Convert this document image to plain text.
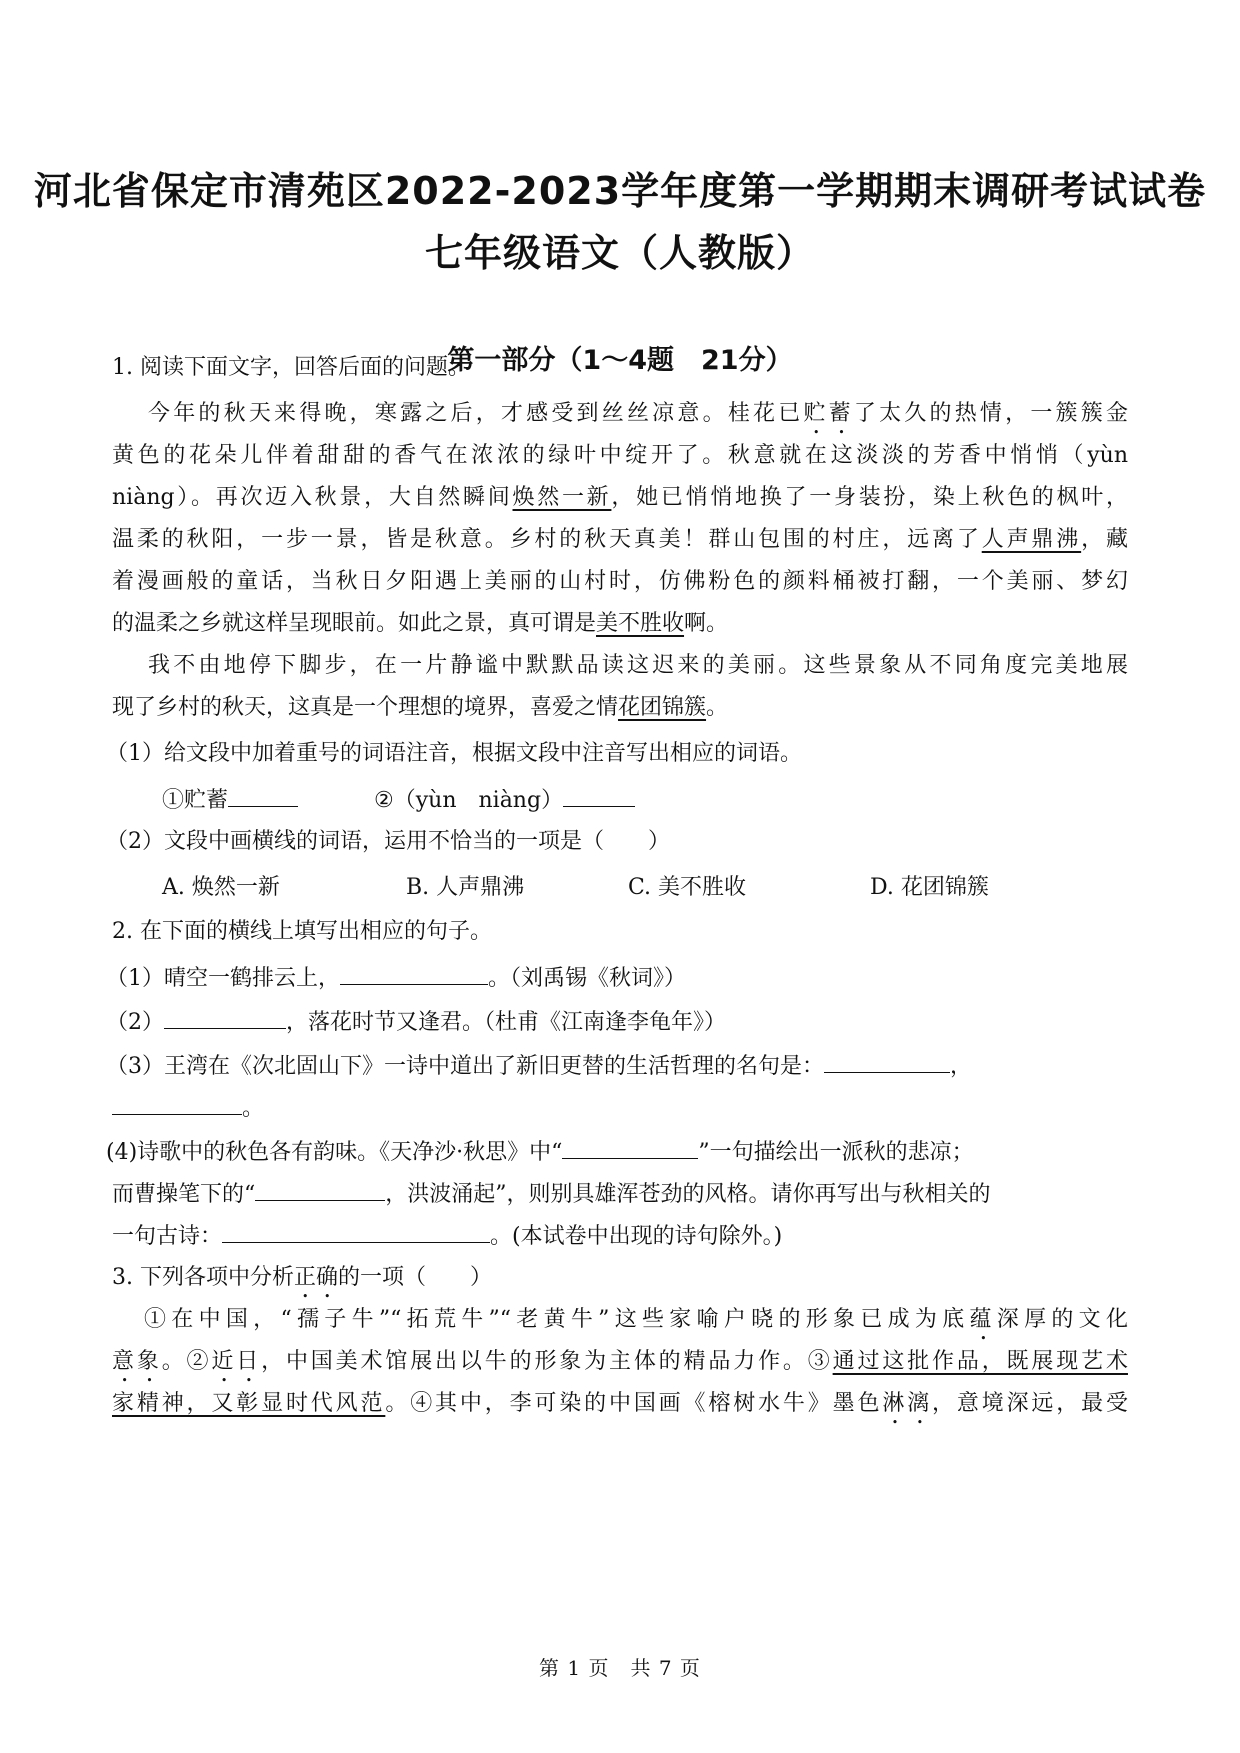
河北省保定市清苑区2022-2023学年度第一学期期末调研考试试卷
七年级语文（人教版）
第一部分（1～4题　21分）
1. 阅读下面文字，回答后面的问题。
今年的秋天来得晚，寒露之后，才感受到丝丝凉意。桂花已贮蓄了太久的热情，一簇簇金
黄色的花朵儿伴着甜甜的香气在浓浓的绿叶中绽开了。秋意就在这淡淡的芳香中悄悄（yùn
niàng）。再次迈入秋景，大自然瞬间焕然一新，她已悄悄地换了一身装扮，染上秋色的枫叶，
温柔的秋阳，一步一景，皆是秋意。乡村的秋天真美！群山包围的村庄，远离了人声鼎沸，藏
着漫画般的童话，当秋日夕阳遇上美丽的山村时，仿佛粉色的颜料桶被打翻，一个美丽、梦幻
的温柔之乡就这样呈现眼前。如此之景，真可谓是美不胜收啊。
我不由地停下脚步，在一片静谧中默默品读这迟来的美丽。这些景象从不同角度完美地展
现了乡村的秋天，这真是一个理想的境界，喜爱之情花团锦簇。
（1）给文段中加着重号的词语注音，根据文段中注音写出相应的词语。
①贮蓄	②（yùn　niàng）
（2）文段中画横线的词语，运用不恰当的一项是（　　）
A. 焕然一新	B. 人声鼎沸	C. 美不胜收	D. 花团锦簇
2. 在下面的横线上填写出相应的句子。
（1）晴空一鹤排云上，	。（刘禹锡《秋词》）
（2）	，落花时节又逢君。（杜甫《江南逢李龟年》）
（3）王湾在《次北固山下》一诗中道出了新旧更替的生活哲理的名句是：	，
。
(4)诗歌中的秋色各有韵味。《天净沙·秋思》中“	”一句描绘出一派秋的悲凉；
而曹操笔下的“	，洪波涌起”，则别具雄浑苍劲的风格。请你再写出与秋相关的
一句古诗：	。(本试卷中出现的诗句除外。)
3. 下列各项中分析正确的一项（　　）
①在中国，“孺子牛”“拓荒牛”“老黄牛”这些家喻户晓的形象已成为底蕴深厚的文化
意象。②近日，中国美术馆展出以牛的形象为主体的精品力作。③通过这批作品，既展现艺术
家精神，又彰显时代风范。④其中，李可染的中国画《榕树水牛》墨色淋漓，意境深远，最受
第 1 页　共 7 页
